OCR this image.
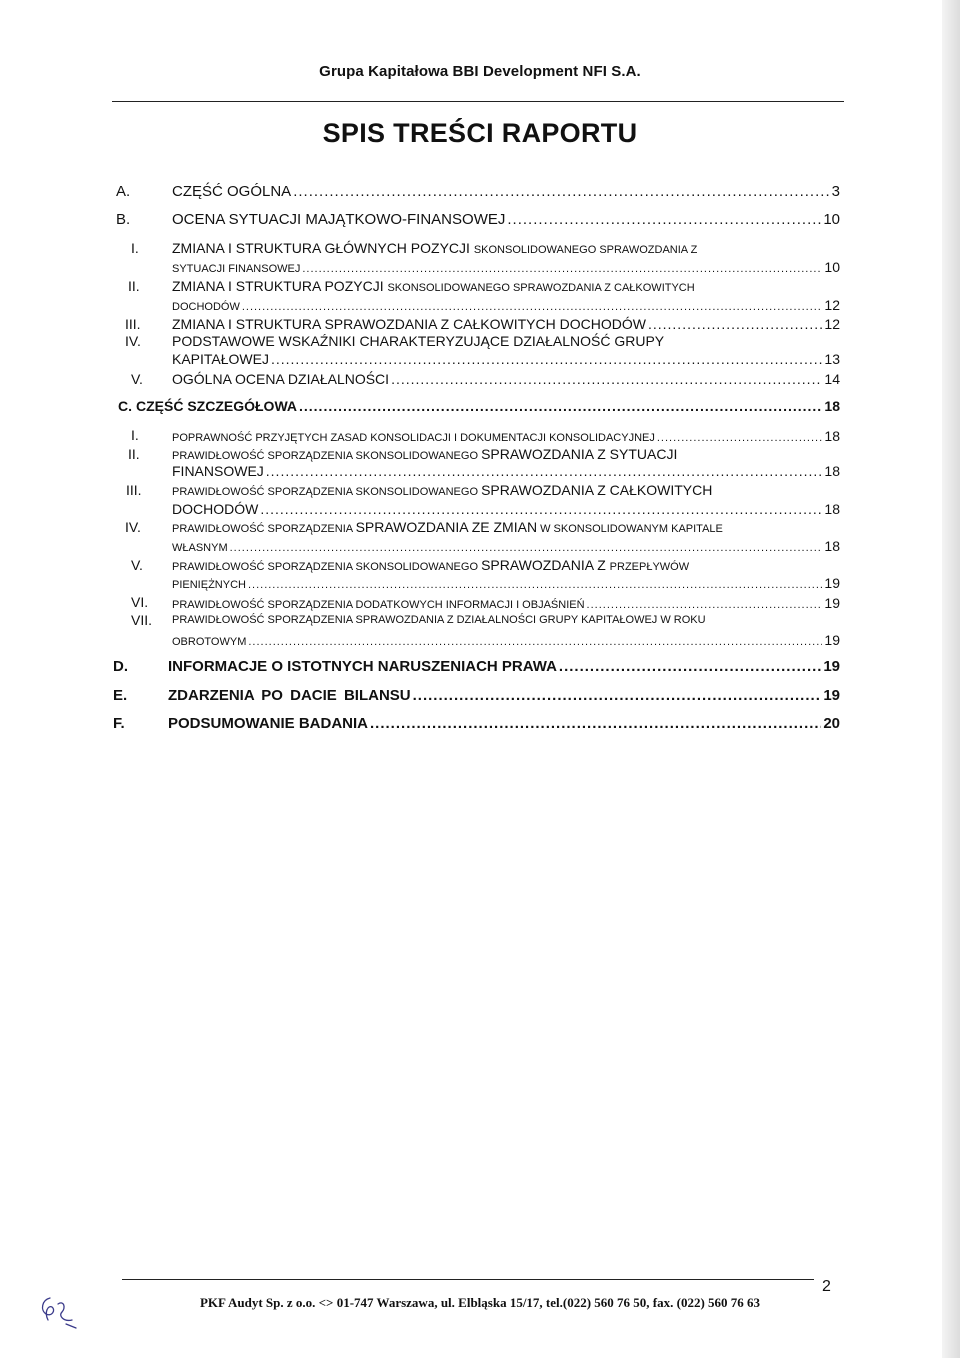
Grupa Kapitałowa BBI Development NFI S.A.
SPIS TREŚCI RAPORTU
A.	CZĘŚĆ OGÓLNA .....	3
B.	OCENA SYTUACJI MAJĄTKOWO-FINANSOWEJ .....	10
I. ZMIANA I STRUKTURA GŁÓWNYCH POZYCJI SKONSOLIDOWANEGO SPRAWOZDANIA Z
SYTUACJI FINANSOWEJ .....	10
II. ZMIANA I STRUKTURA POZYCJI SKONSOLIDOWANEGO SPRAWOZDANIA Z CAŁKOWITYCH
DOCHODÓW .....	12
III. ZMIANA I STRUKTURA SPRAWOZDANIA Z CAŁKOWITYCH DOCHODÓW .....	12
IV. PODSTAWOWE WSKAŹNIKI CHARAKTERYZUJĄCE DZIAŁALNOŚĆ GRUPY
KAPITAŁOWEJ .....	13
V. OGÓLNA OCENA DZIAŁALNOŚCI .....	14
C. CZĘŚĆ SZCZEGÓŁOWA .....	18
I.	POPRAWNOŚĆ PRZYJĘTYCH ZASAD KONSOLIDACJI I DOKUMENTACJI KONSOLIDACYJNEJ .....	18
II.	PRAWIDŁOWOŚĆ SPORZĄDZENIA SKONSOLIDOWANEGO SPRAWOZDANIA Z SYTUACJI
FINANSOWEJ .....	18
III.	PRAWIDŁOWOŚĆ SPORZĄDZENIA SKONSOLIDOWANEGO SPRAWOZDANIA Z CAŁKOWITYCH
DOCHODÓW .....	18
IV.	PRAWIDŁOWOŚĆ SPORZĄDZENIA SPRAWOZDANIA ZE ZMIAN W SKONSOLIDOWANYM KAPITALE
WŁASNYM .....	18
V.	PRAWIDŁOWOŚĆ SPORZĄDZENIA SKONSOLIDOWANEGO SPRAWOZDANIA Z PRZEPŁYWÓW
PIENIĘŻNYCH .....	19
VI. PRAWIDŁOWOŚĆ SPORZĄDZENIA DODATKOWYCH INFORMACJI I OBJAŚNIEŃ .....	19
VII. PRAWIDŁOWOŚĆ SPORZĄDZENIA SPRAWOZDANIA Z DZIAŁALNOŚCI GRUPY KAPITAŁOWEJ W ROKU
OBROTOWYM .....	19
D.	INFORMACJE O ISTOTNYCH NARUSZENIACH PRAWA .....	19
E.	ZDARZENIA PO DACIE BILANSU .....	19
F.	PODSUMOWANIE BADANIA .....	20
2
PKF Audyt Sp. z o.o. <> 01-747 Warszawa, ul. Elbląska 15/17, tel.(022) 560 76 50, fax. (022) 560 76 63
